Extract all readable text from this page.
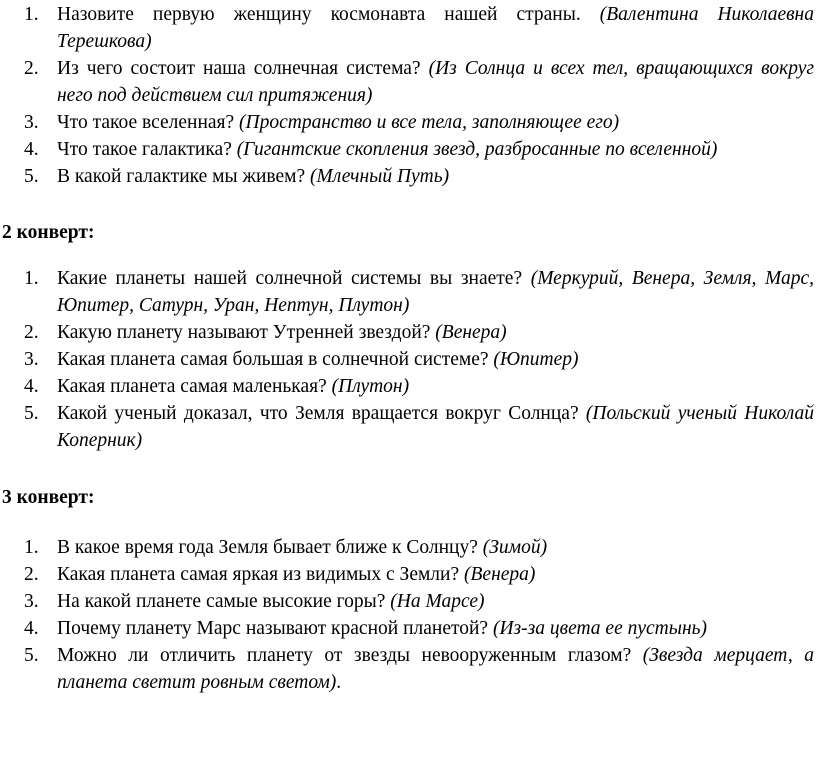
1. Назовите первую женщину космонавта нашей страны. (Валентина Николаевна Терешкова)
2. Из чего состоит наша солнечная система? (Из Солнца и всех тел, вращающихся вокруг него под действием сил притяжения)
3. Что такое вселенная? (Пространство и все тела, заполняющее его)
4. Что такое галактика? (Гигантские скопления звезд, разбросанные по вселенной)
5. В какой галактике мы живем? (Млечный Путь)
2 конверт:
1. Какие планеты нашей солнечной системы вы знаете? (Меркурий, Венера, Земля, Марс, Юпитер, Сатурн, Уран, Нептун, Плутон)
2. Какую планету называют Утренней звездой? (Венера)
3. Какая планета самая большая в солнечной системе? (Юпитер)
4. Какая планета самая маленькая? (Плутон)
5. Какой ученый доказал, что Земля вращается вокруг Солнца? (Польский ученый Николай Коперник)
3 конверт:
1. В какое время года Земля бывает ближе к Солнцу? (Зимой)
2. Какая планета самая яркая из видимых с Земли? (Венера)
3. На какой планете самые высокие горы? (На Марсе)
4. Почему планету Марс называют красной планетой? (Из-за цвета ее пустынь)
5. Можно ли отличить планету от звезды невооруженным глазом? (Звезда мерцает, а планета светит ровным светом).
